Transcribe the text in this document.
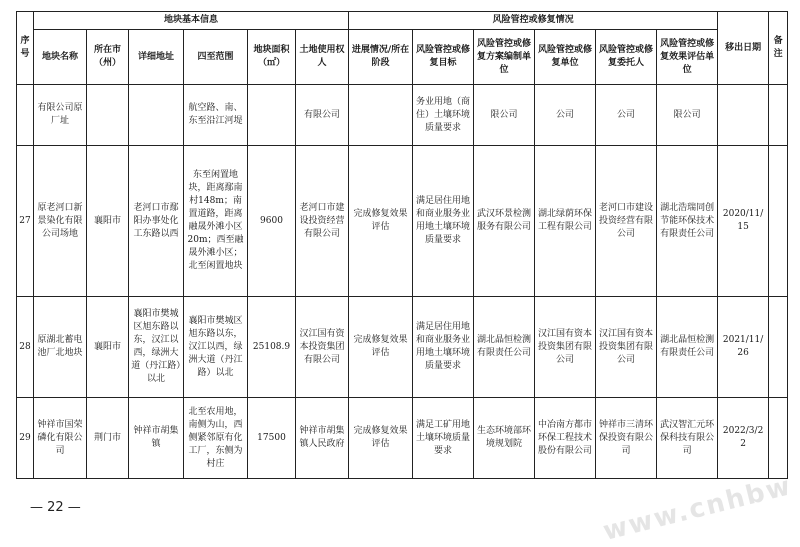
序号	地块基本信息						风险管控或修复情况						移出日期	备注
	地块名称	所在市（州）	详细地址	四至范围	地块面积（㎡）	土地使用权人	进展情况/所在阶段	风险管控或修复目标	风险管控或修复方案编制单位	风险管控或修复单位	风险管控或修复委托人	风险管控或修复效果评估单位		
	有限公司原厂址			航空路、南、东至沿江河堤		有限公司		务业用地（商住）土壤环境质量要求	限公司	公司	公司	限公司		
27	原老河口新景染化有限公司场地	襄阳市	老河口市鄢阳办事处化工东路以西	东至闲置地块，距离鄢南村148m；南置道路，距离融晟外滩小区20m；西至融晟外滩小区；北至闲置地块	9600	老河口市建设投资经营有限公司	完成修复效果评估	满足居住用地和商业服务业用地土壤环境质量要求	武汉环景检测服务有限公司	湖北绿荫环保工程有限公司	老河口市建设投资经营有限公司	湖北浩瑞同创节能环保技术有限责任公司	2020/11/15	
28	原湖北蓄电池厂北地块	襄阳市	襄阳市樊城区旭东路以东，汉江以西，绿洲大道（丹江路）以北	襄阳市樊城区旭东路以东，汉江以西，绿洲大道（丹江路）以北	25108.9	汉江国有资本投资集团有限公司	完成修复效果评估	满足居住用地和商业服务业用地土壤环境质量要求	湖北晶恒检测有限责任公司	汉江国有资本投资集团有限公司	汉江国有资本投资集团有限公司	湖北晶恒检测有限责任公司	2021/11/26	
29	钟祥市国荣磷化有限公司	荆门市	钟祥市胡集镇	北至农用地，南侧为山，西侧紧邻原有化工厂，东侧为村庄	17500	钟祥市胡集镇人民政府	完成修复效果评估	满足工矿用地土壤环境质量要求	生态环境部环境规划院	中冶南方都市环保工程技术股份有限公司	钟祥市三清环保投资有限公司	武汉智汇元环保科技有限公司	2022/3/22	
— 22 —	www.cnhbw
